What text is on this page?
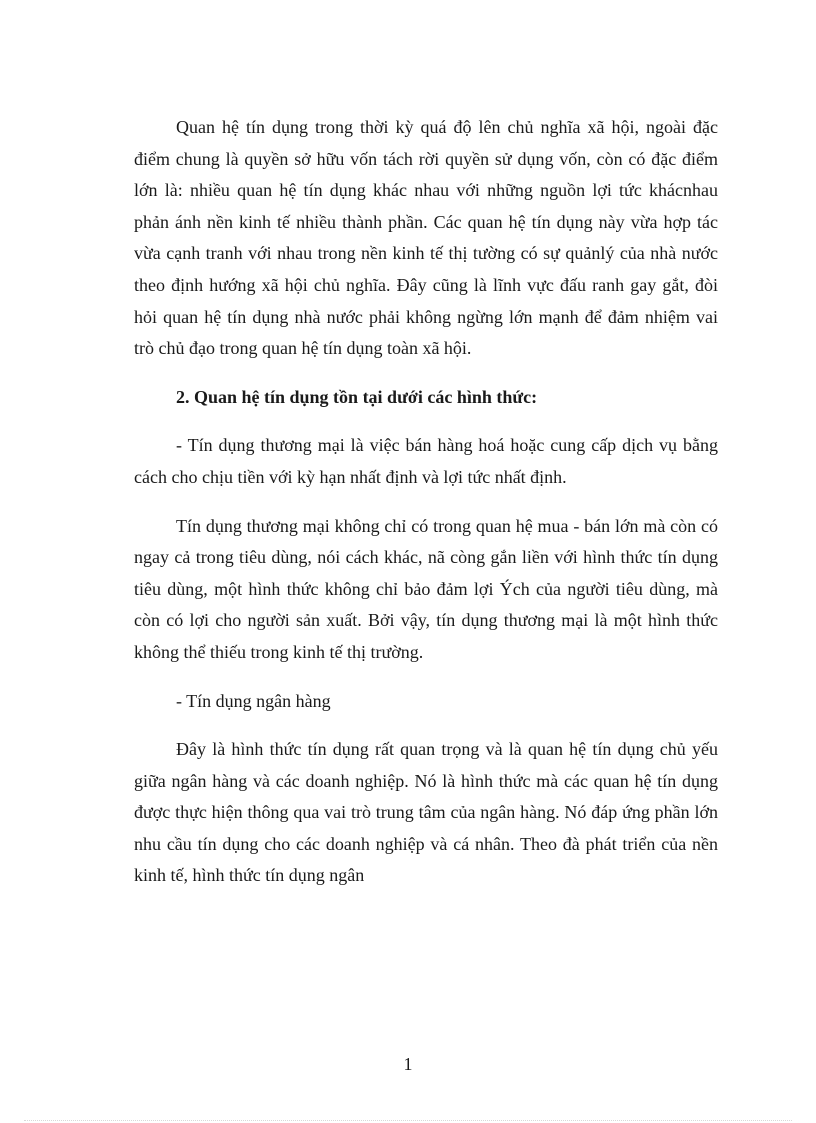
Quan hệ tín dụng trong thời kỳ quá độ lên chủ nghĩa xã hội, ngoài đặc điểm chung là quyền sở hữu vốn tách rời quyền sử dụng vốn, còn có đặc điểm lớn là: nhiều quan hệ tín dụng khác nhau với những nguồn lợi tức khácnhau phản ánh nền kinh tế nhiều thành phần. Các quan hệ tín dụng này vừa hợp tác vừa cạnh tranh với nhau trong nền kinh tế thị tường có sự quảnlý của nhà nước theo định hướng xã hội chủ nghĩa. Đây cũng là lĩnh vực đấu ranh gay gắt, đòi hỏi quan hệ tín dụng nhà nước phải không ngừng lớn mạnh để đảm nhiệm vai trò chủ đạo trong quan hệ tín dụng toàn xã hội.

2. Quan hệ tín dụng tồn tại dưới các hình thức:

- Tín dụng thương mại là việc bán hàng hoá hoặc cung cấp dịch vụ bằng cách cho chịu tiền với kỳ hạn nhất định và lợi tức nhất định.

Tín dụng thương mại không chỉ có trong quan hệ mua - bán lớn mà còn có ngay cả trong tiêu dùng, nói cách khác, nã còng gắn liền với hình thức tín dụng tiêu dùng, một hình thức không chỉ bảo đảm lợi Ých của người tiêu dùng, mà còn có lợi cho người sản xuất. Bởi vậy, tín dụng thương mại là một hình thức không thể thiếu trong kinh tế thị trường.

- Tín dụng ngân hàng

Đây là hình thức tín dụng rất quan trọng và là quan hệ tín dụng chủ yếu giữa ngân hàng và các doanh nghiệp. Nó là hình thức mà các quan hệ tín dụng được thực hiện thông qua vai trò trung tâm của ngân hàng. Nó đáp ứng phần lớn nhu cầu tín dụng cho các doanh nghiệp và cá nhân. Theo đà phát triển của nền kinh tế, hình thức tín dụng ngân

1
